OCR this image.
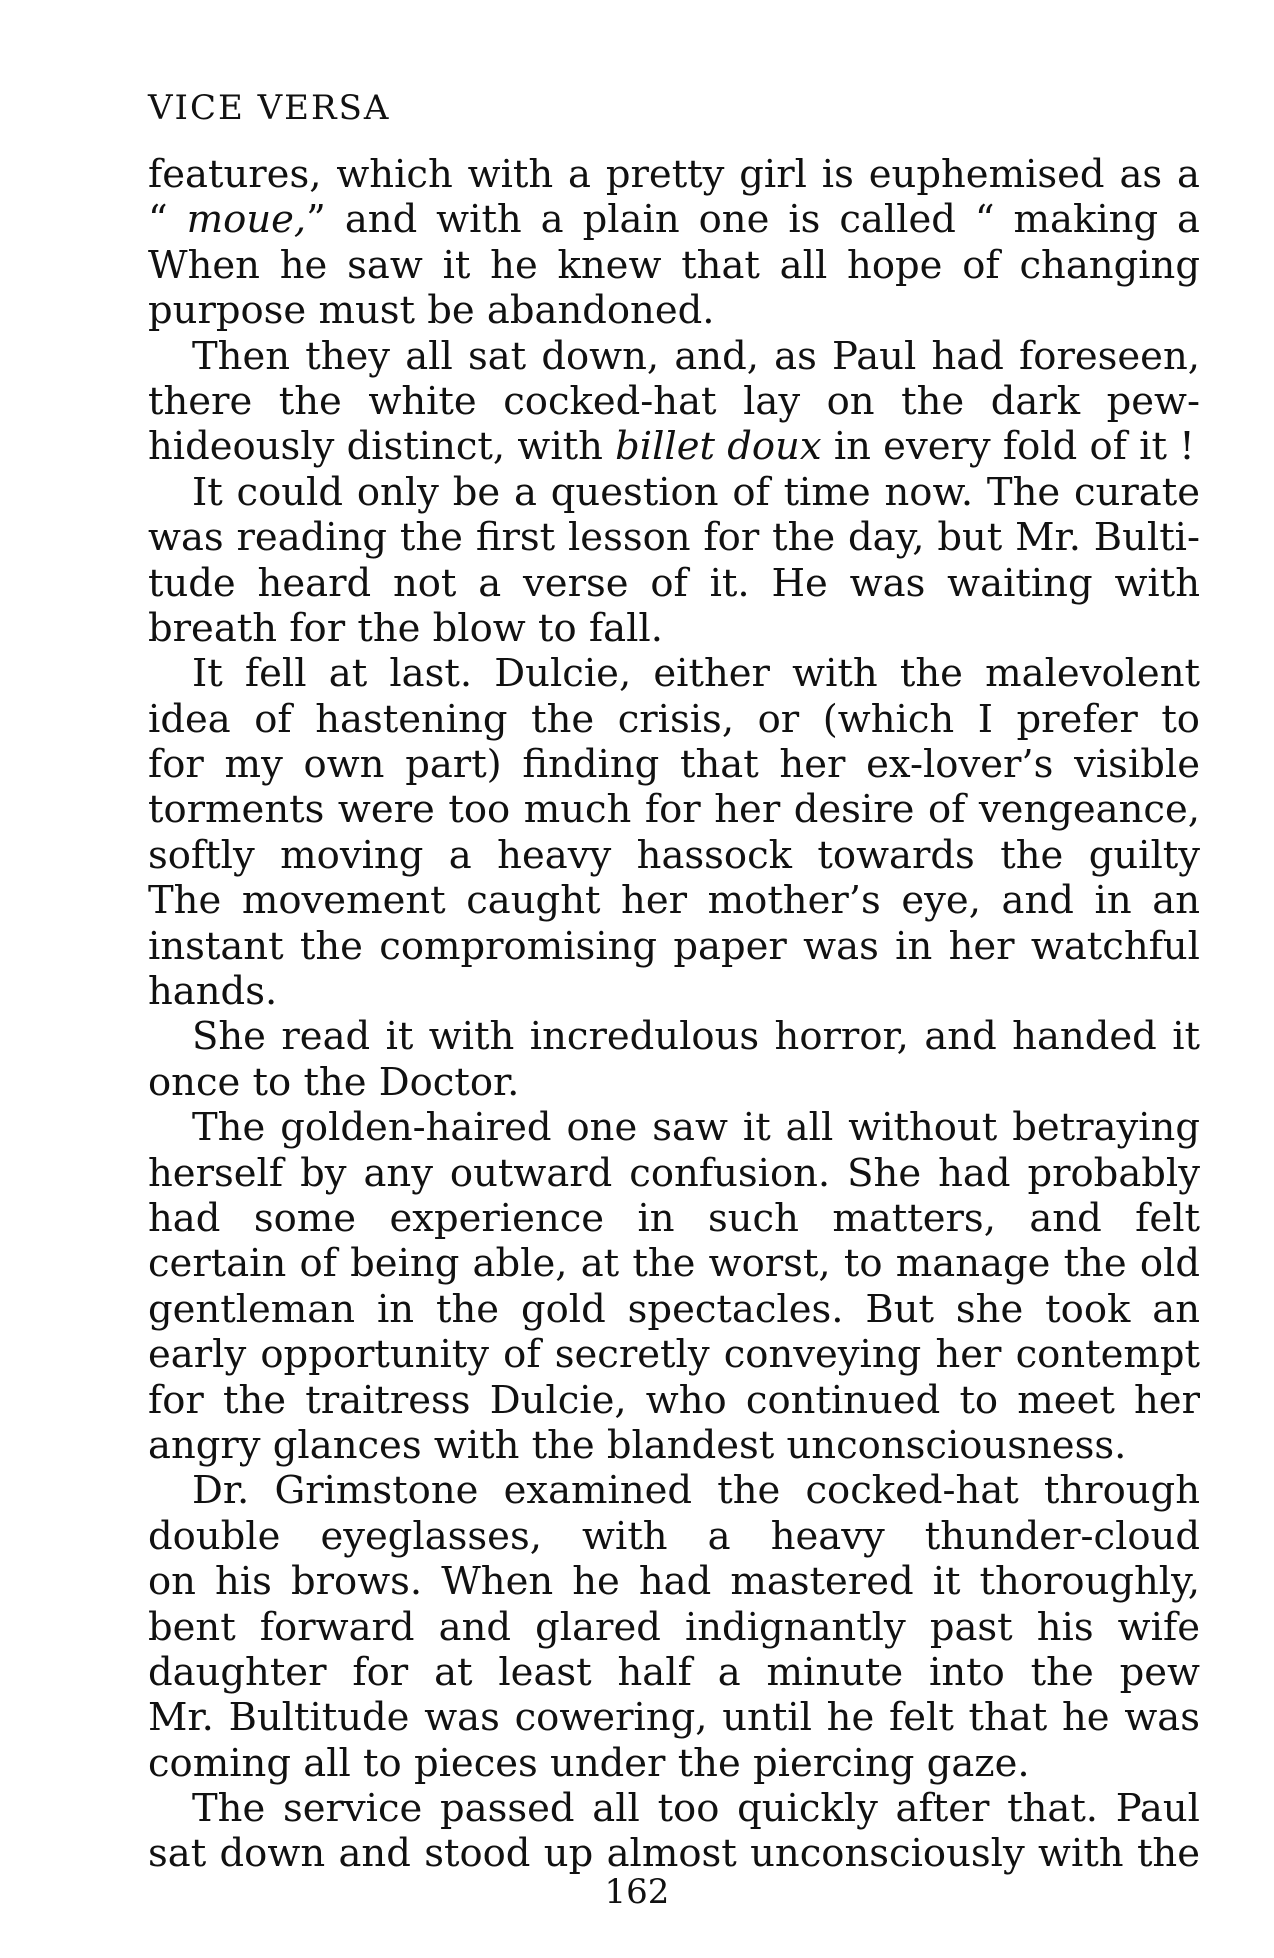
VICE VERSA
features, which with a pretty girl is euphemised as a
“ moue,” and with a plain one is called “ making a
When he saw it he knew that all hope of changing
purpose must be abandoned.
Then they all sat down, and, as Paul had foreseen,
there the white cocked-hat lay on the dark pew-
hideously distinct, with billet doux in every fold of it !
It could only be a question of time now. The curate
was reading the first lesson for the day, but Mr. Bulti-
tude heard not a verse of it. He was waiting with
breath for the blow to fall.
It fell at last. Dulcie, either with the malevolent
idea of hastening the crisis, or (which I prefer to
for my own part) finding that her ex-lover’s visible
torments were too much for her desire of vengeance,
softly moving a heavy hassock towards the guilty
The movement caught her mother’s eye, and in an
instant the compromising paper was in her watchful
hands.
She read it with incredulous horror, and handed it
once to the Doctor.
The golden-haired one saw it all without betraying
herself by any outward confusion. She had probably
had some experience in such matters, and felt
certain of being able, at the worst, to manage the old
gentleman in the gold spectacles. But she took an
early opportunity of secretly conveying her contempt
for the traitress Dulcie, who continued to meet her
angry glances with the blandest unconsciousness.
Dr. Grimstone examined the cocked-hat through
double eyeglasses, with a heavy thunder-cloud
on his brows. When he had mastered it thoroughly,
bent forward and glared indignantly past his wife
daughter for at least half a minute into the pew
Mr. Bultitude was cowering, until he felt that he was
coming all to pieces under the piercing gaze.
The service passed all too quickly after that. Paul
sat down and stood up almost unconsciously with the
162
